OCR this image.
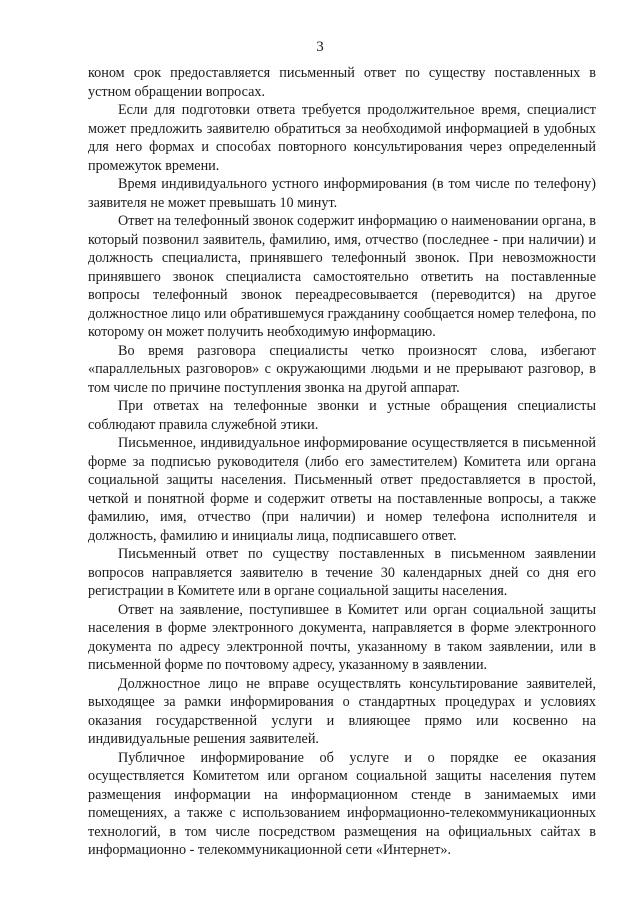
3

коном срок предоставляется письменный ответ по существу поставленных в устном обращении вопросах.

Если для подготовки ответа требуется продолжительное время, специалист может предложить заявителю обратиться за необходимой информацией в удобных для него формах и способах повторного консультирования через определенный промежуток времени.

Время индивидуального устного информирования (в том числе по телефону) заявителя не может превышать 10 минут.

Ответ на телефонный звонок содержит информацию о наименовании органа, в который позвонил заявитель, фамилию, имя, отчество (последнее - при наличии) и должность специалиста, принявшего телефонный звонок. При невозможности принявшего звонок специалиста самостоятельно ответить на поставленные вопросы телефонный звонок переадресовывается (переводится) на другое должностное лицо или обратившемуся гражданину сообщается номер телефона, по которому он может получить необходимую информацию.

Во время разговора специалисты четко произносят слова, избегают «параллельных разговоров» с окружающими людьми и не прерывают разговор, в том числе по причине поступления звонка на другой аппарат.

При ответах на телефонные звонки и устные обращения специалисты соблюдают правила служебной этики.

Письменное, индивидуальное информирование осуществляется в письменной форме за подписью руководителя (либо его заместителем) Комитета или органа социальной защиты населения. Письменный ответ предоставляется в простой, четкой и понятной форме и содержит ответы на поставленные вопросы, а также фамилию, имя, отчество (при наличии) и номер телефона исполнителя и должность, фамилию и инициалы лица, подписавшего ответ.

Письменный ответ по существу поставленных в письменном заявлении вопросов направляется заявителю в течение 30 календарных дней со дня его регистрации в Комитете или в органе социальной защиты населения.

Ответ на заявление, поступившее в Комитет или орган социальной защиты населения в форме электронного документа, направляется в форме электронного документа по адресу электронной почты, указанному в таком заявлении, или в письменной форме по почтовому адресу, указанному в заявлении.

Должностное лицо не вправе осуществлять консультирование заявителей, выходящее за рамки информирования о стандартных процедурах и условиях оказания государственной услуги и влияющее прямо или косвенно на индивидуальные решения заявителей.

Публичное информирование об услуге и о порядке ее оказания осуществляется Комитетом или органом социальной защиты населения путем размещения информации на информационном стенде в занимаемых ими помещениях, а также с использованием информационно-телекоммуникационных технологий, в том числе посредством размещения на официальных сайтах в информационно - телекоммуникационной сети «Интернет».
